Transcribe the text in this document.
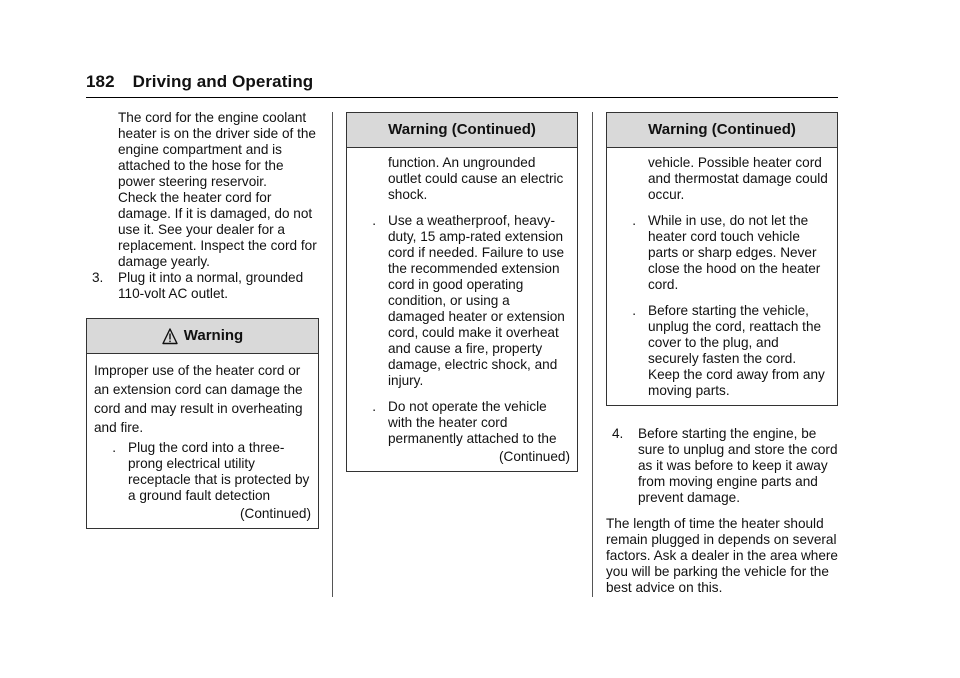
182 Driving and Operating

The cord for the engine coolant heater is on the driver side of the engine compartment and is attached to the hose for the power steering reservoir.

Check the heater cord for damage. If it is damaged, do not use it. See your dealer for a replacement. Inspect the cord for damage yearly.

3.	Plug it into a normal, grounded 110-volt AC outlet.
Warning

Improper use of the heater cord or an extension cord can damage the cord and may result in overheating and fire.

. Plug the cord into a three-prong electrical utility receptacle that is protected by a ground fault detection
(Continued)
Warning (Continued)

function. An ungrounded outlet could cause an electric shock.

. Use a weatherproof, heavy-duty, 15 amp-rated extension cord if needed. Failure to use the recommended extension cord in good operating condition, or using a damaged heater or extension cord, could make it overheat and cause a fire, property damage, electric shock, and injury.
. Do not operate the vehicle with the heater cord permanently attached to the
(Continued)
Warning (Continued)

vehicle. Possible heater cord and thermostat damage could occur.

. While in use, do not let the heater cord touch vehicle parts or sharp edges. Never close the hood on the heater cord.
. Before starting the vehicle, unplug the cord, reattach the cover to the plug, and securely fasten the cord. Keep the cord away from any moving parts.
4.	Before starting the engine, be sure to unplug and store the cord as it was before to keep it away from moving engine parts and prevent damage.

The length of time the heater should remain plugged in depends on several factors. Ask a dealer in the area where you will be parking the vehicle for the best advice on this.
